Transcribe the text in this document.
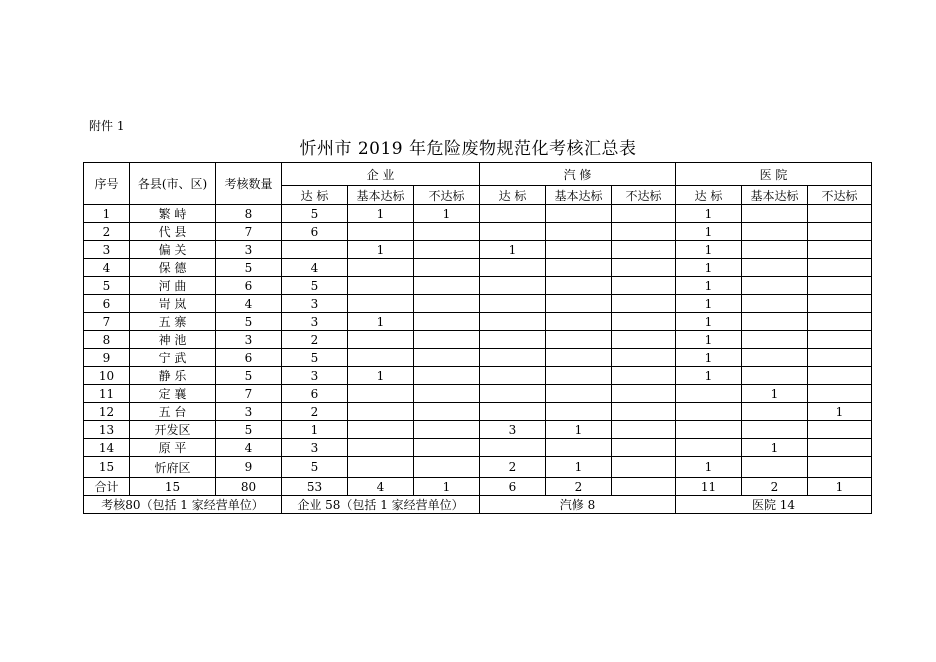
附件 1
忻州市 2019 年危险废物规范化考核汇总表
序号	各县(市、区)	考核数量	企 业			汽 修			医 院		
			达 标	基本达标	不达标	达 标	基本达标	不达标	达 标	基本达标	不达标
1	繁 峙	8	5	1	1				1		
2	代 县	7	6						1		
3	偏 关	3		1		1			1		
4	保 德	5	4						1		
5	河 曲	6	5						1		
6	岢 岚	4	3						1		
7	五 寨	5	3	1					1		
8	神 池	3	2						1		
9	宁 武	6	5						1		
10	静 乐	5	3	1					1		
11	定 襄	7	6							1	
12	五 台	3	2								1
13	开发区	5	1			3	1				
14	原 平	4	3							1	
15	忻府区	9	5			2	1		1		
合计	15	80	53	4	1	6	2		11	2	1
考核80（包括 1 家经营单位）			企业 58（包括 1 家经营单位）			汽修 8			医院 14		
